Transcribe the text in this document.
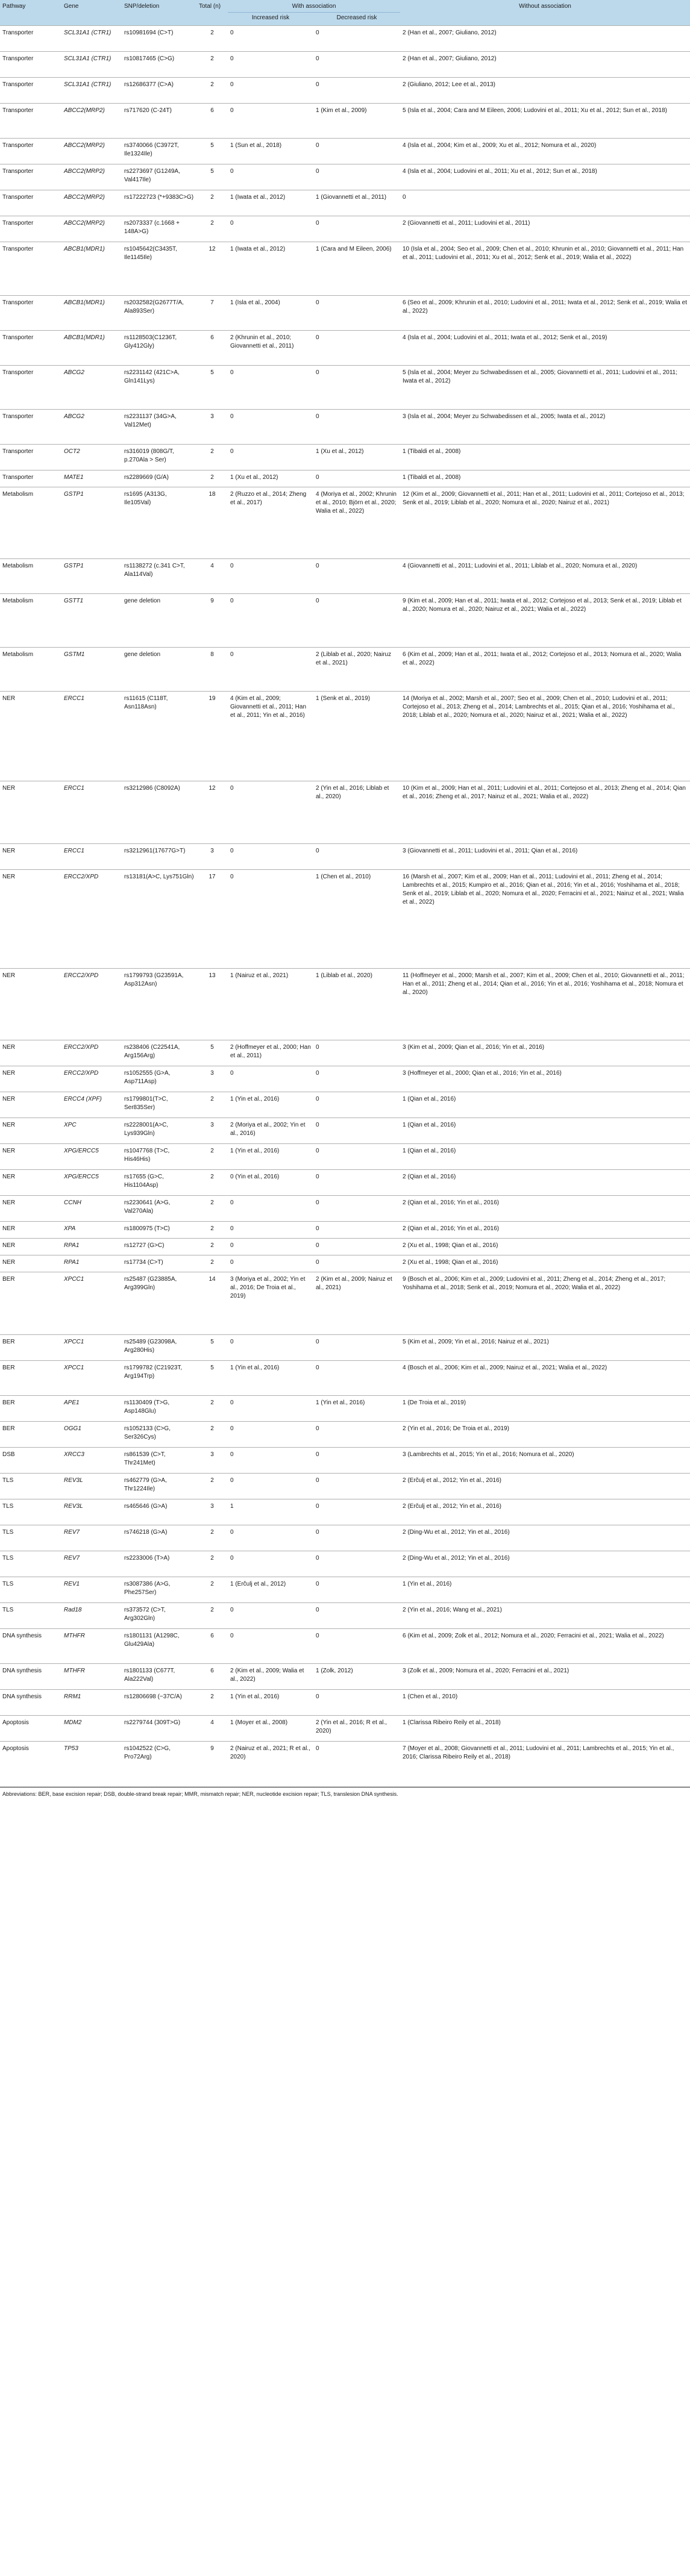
Pathway	Gene	SNP/deletion	Total (n)	With association		Without association
				Increased risk	Decreased risk	
Transporter	SCL31A1 (CTR1)	rs10981694 (C>T)	2	0	0	2 (Han et al., 2007; Giuliano, 2012)
Transporter	SCL31A1 (CTR1)	rs10817465 (C>G)	2	0	0	2 (Han et al., 2007; Giuliano, 2012)
Transporter	SCL31A1 (CTR1)	rs12686377 (C>A)	2	0	0	2 (Giuliano, 2012; Lee et al., 2013)
Transporter	ABCC2(MRP2)	rs717620 (C-24T)	6	0	1 (Kim et al., 2009)	5 (Isla et al., 2004; Cara and M Eileen, 2006; Ludovini et al., 2011; Xu et al., 2012; Sun et al., 2018)
Transporter	ABCC2(MRP2)	rs3740066 (C3972T, Ile1324Ile)	5	1 (Sun et al., 2018)	0	4 (Isla et al., 2004; Kim et al., 2009; Xu et al., 2012; Nomura et al., 2020)
Transporter	ABCC2(MRP2)	rs2273697 (G1249A, Val417Ile)	5	0	0	4 (Isla et al., 2004; Ludovini et al., 2011; Xu et al., 2012; Sun et al., 2018)
Transporter	ABCC2(MRP2)	rs17222723 (*+9383C>G)	2	1 (Iwata et al., 2012)	1 (Giovannetti et al., 2011)	0
Transporter	ABCC2(MRP2)	rs2073337 (c.1668 + 148A>G)	2	0	0	2 (Giovannetti et al., 2011; Ludovini et al., 2011)
Transporter	ABCB1(MDR1)	rs1045642(C3435T, Ile1145Ile)	12	1 (Iwata et al., 2012)	1 (Cara and M Eileen, 2006)	10 (Isla et al., 2004; Seo et al., 2009; Chen et al., 2010; Khrunin et al., 2010; Giovannetti et al., 2011; Han et al., 2011; Ludovini et al., 2011; Xu et al., 2012; Senk et al., 2019; Walia et al., 2022)
Transporter	ABCB1(MDR1)	rs2032582(G2677T/A, Ala893Ser)	7	1 (Isla et al., 2004)	0	6 (Seo et al., 2009; Khrunin et al., 2010; Ludovini et al., 2011; Iwata et al., 2012; Senk et al., 2019; Walia et al., 2022)
Transporter	ABCB1(MDR1)	rs1128503(C1236T, Gly412Gly)	6	2 (Khrunin et al., 2010; Giovannetti et al., 2011)	0	4 (Isla et al., 2004; Ludovini et al., 2011; Iwata et al., 2012; Senk et al., 2019)
Transporter	ABCG2	rs2231142 (421C>A, Gln141Lys)	5	0	0	5 (Isla et al., 2004; Meyer zu Schwabedissen et al., 2005; Giovannetti et al., 2011; Ludovini et al., 2011; Iwata et al., 2012)
Transporter	ABCG2	rs2231137 (34G>A, Val12Met)	3	0	0	3 (Isla et al., 2004; Meyer zu Schwabedissen et al., 2005; Iwata et al., 2012)
Transporter	OCT2	rs316019 (808G/T, p.270Ala > Ser)	2	0	1 (Xu et al., 2012)	1 (Tibaldi et al., 2008)
Transporter	MATE1	rs2289669 (G/A)	2	1 (Xu et al., 2012)	0	1 (Tibaldi et al., 2008)
Metabolism	GSTP1	rs1695 (A313G, Ile105Val)	18	2 (Ruzzo et al., 2014; Zheng et al., 2017)	4 (Moriya et al., 2002; Khrunin et al., 2010; Björn et al., 2020; Walia et al., 2022)	12 (Kim et al., 2009; Giovannetti et al., 2011; Han et al., 2011; Ludovini et al., 2011; Cortejoso et al., 2013; Senk et al., 2019; Liblab et al., 2020; Nomura et al., 2020; Nairuz et al., 2021)
Metabolism	GSTP1	rs1138272 (c.341 C>T, Ala114Val)	4	0	0	4 (Giovannetti et al., 2011; Ludovini et al., 2011; Liblab et al., 2020; Nomura et al., 2020)
Metabolism	GSTT1	gene deletion	9	0	0	9 (Kim et al., 2009; Han et al., 2011; Iwata et al., 2012; Cortejoso et al., 2013; Senk et al., 2019; Liblab et al., 2020; Nomura et al., 2020; Nairuz et al., 2021; Walia et al., 2022)
Metabolism	GSTM1	gene deletion	8	0	2 (Liblab et al., 2020; Nairuz et al., 2021)	6 (Kim et al., 2009; Han et al., 2011; Iwata et al., 2012; Cortejoso et al., 2013; Nomura et al., 2020; Walia et al., 2022)
NER	ERCC1	rs11615 (C118T, Asn118Asn)	19	4 (Kim et al., 2009; Giovannetti et al., 2011; Han et al., 2011; Yin et al., 2016)	1 (Senk et al., 2019)	14 (Moriya et al., 2002; Marsh et al., 2007; Seo et al., 2009; Chen et al., 2010; Ludovini et al., 2011; Cortejoso et al., 2013; Zheng et al., 2014; Lambrechts et al., 2015; Qian et al., 2016; Yoshihama et al., 2018; Liblab et al., 2020; Nomura et al., 2020; Nairuz et al., 2021; Walia et al., 2022)
NER	ERCC1	rs3212986 (C8092A)	12	0	2 (Yin et al., 2016; Liblab et al., 2020)	10 (Kim et al., 2009; Han et al., 2011; Ludovini et al., 2011; Cortejoso et al., 2013; Zheng et al., 2014; Qian et al., 2016; Zheng et al., 2017; Nairuz et al., 2021; Walia et al., 2022)
NER	ERCC1	rs3212961(17677G>T)	3	0	0	3 (Giovannetti et al., 2011; Ludovini et al., 2011; Qian et al., 2016)
NER	ERCC2/XPD	rs13181(A>C, Lys751Gln)	17	0	1 (Chen et al., 2010)	16 (Marsh et al., 2007; Kim et al., 2009; Han et al., 2011; Ludovini et al., 2011; Zheng et al., 2014; Lambrechts et al., 2015; Kumpiro et al., 2016; Qian et al., 2016; Yin et al., 2016; Yoshihama et al., 2018; Senk et al., 2019; Liblab et al., 2020; Nomura et al., 2020; Ferracini et al., 2021; Nairuz et al., 2021; Walia et al., 2022)
NER	ERCC2/XPD	rs1799793 (G23591A, Asp312Asn)	13	1 (Nairuz et al., 2021)	1 (Liblab et al., 2020)	11 (Hoffmeyer et al., 2000; Marsh et al., 2007; Kim et al., 2009; Chen et al., 2010; Giovannetti et al., 2011; Han et al., 2011; Zheng et al., 2014; Qian et al., 2016; Yin et al., 2016; Yoshihama et al., 2018; Nomura et al., 2020)
NER	ERCC2/XPD	rs238406 (C22541A, Arg156Arg)	5	2 (Hoffmeyer et al., 2000; Han et al., 2011)	0	3 (Kim et al., 2009; Qian et al., 2016; Yin et al., 2016)
NER	ERCC2/XPD	rs1052555 (G>A, Asp711Asp)	3	0	0	3 (Hoffmeyer et al., 2000; Qian et al., 2016; Yin et al., 2016)
NER	ERCC4 (XPF)	rs1799801(T>C, Ser835Ser)	2	1 (Yin et al., 2016)	0	1 (Qian et al., 2016)
NER	XPC	rs2228001(A>C, Lys939Gln)	3	2 (Moriya et al., 2002; Yin et al., 2016)	0	1 (Qian et al., 2016)
NER	XPG/ERCC5	rs1047768 (T>C, His46His)	2	1 (Yin et al., 2016)	0	1 (Qian et al., 2016)
NER	XPG/ERCC5	rs17655 (G>C, His1104Asp)	2	0 (Yin et al., 2016)	0	2 (Qian et al., 2016)
NER	CCNH	rs2230641 (A>G, Val270Ala)	2	0	0	2 (Qian et al., 2016; Yin et al., 2016)
NER	XPA	rs1800975 (T>C)	2	0	0	2 (Qian et al., 2016; Yin et al., 2016)
NER	RPA1	rs12727 (G>C)	2	0	0	2 (Xu et al., 1998; Qian et al., 2016)
NER	RPA1	rs17734 (C>T)	2	0	0	2 (Xu et al., 1998; Qian et al., 2016)
BER	XPCC1	rs25487 (G23885A, Arg399Gln)	14	3 (Moriya et al., 2002; Yin et al., 2016; De Troia et al., 2019)	2 (Kim et al., 2009; Nairuz et al., 2021)	9 (Bosch et al., 2006; Kim et al., 2009; Ludovini et al., 2011; Zheng et al., 2014; Zheng et al., 2017; Yoshihama et al., 2018; Senk et al., 2019; Nomura et al., 2020; Walia et al., 2022)
BER	XPCC1	rs25489 (G23098A, Arg280His)	5	0	0	5 (Kim et al., 2009; Yin et al., 2016; Nairuz et al., 2021)
BER	XPCC1	rs1799782 (C21923T, Arg194Trp)	5	1 (Yin et al., 2016)	0	4 (Bosch et al., 2006; Kim et al., 2009; Nairuz et al., 2021; Walia et al., 2022)
BER	APE1	rs1130409 (T>G, Asp148Glu)	2	0	1 (Yin et al., 2016)	1 (De Troia et al., 2019)
BER	OGG1	rs1052133 (C>G, Ser326Cys)	2	0	0	2 (Yin et al., 2016; De Troia et al., 2019)
DSB	XRCC3	rs861539 (C>T, Thr241Met)	3	0	0	3 (Lambrechts et al., 2015; Yin et al., 2016; Nomura et al., 2020)
TLS	REV3L	rs462779 (G>A, Thr1224Ile)	2	0	0	2 (Erčulj et al., 2012; Yin et al., 2016)
TLS	REV3L	rs465646 (G>A)	3	1	0	2 (Erčulj et al., 2012; Yin et al., 2016)
TLS	REV7	rs746218 (G>A)	2	0	0	2 (Ding-Wu et al., 2012; Yin et al., 2016)
TLS	REV7	rs2233006 (T>A)	2	0	0	2 (Ding-Wu et al., 2012; Yin et al., 2016)
TLS	REV1	rs3087386 (A>G, Phe257Ser)	2	1 (Erčulj et al., 2012)	0	1 (Yin et al., 2016)
TLS	Rad18	rs373572 (C>T, Arg302Gln)	2	0	0	2 (Yin et al., 2016; Wang et al., 2021)
DNA synthesis	MTHFR	rs1801131 (A1298C, Glu429Ala)	6	0	0	6 (Kim et al., 2009; Zolk et al., 2012; Nomura et al., 2020; Ferracini et al., 2021; Walia et al., 2022)
DNA synthesis	MTHFR	rs1801133 (C677T, Ala222Val)	6	2 (Kim et al., 2009; Walia et al., 2022)	1 (Zolk, 2012)	3 (Zolk et al., 2009; Nomura et al., 2020; Ferracini et al., 2021)
DNA synthesis	RRM1	rs12806698 (−37C/A)	2	1 (Yin et al., 2016)	0	1 (Chen et al., 2010)
Apoptosis	MDM2	rs2279744 (309T>G)	4	1 (Moyer et al., 2008)	2 (Yin et al., 2016; R et al., 2020)	1 (Clarissa Ribeiro Reily et al., 2018)
Apoptosis	TP53	rs1042522 (C>G, Pro72Arg)	9	2 (Nairuz et al., 2021; R et al., 2020)	0	7 (Moyer et al., 2008; Giovannetti et al., 2011; Ludovini et al., 2011; Lambrechts et al., 2015; Yin et al., 2016; Clarissa Ribeiro Reily et al., 2018)
Abbreviations: BER, base excision repair; DSB, double-strand break repair; MMR, mismatch repair; NER, nucleotide excision repair; TLS, translesion DNA synthesis.
